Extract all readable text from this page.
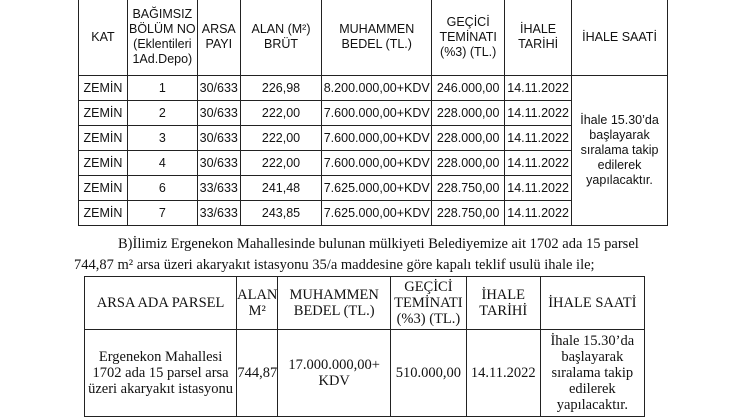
KAT	BAĞIMSIZ BÖLÜM NO (Eklentileri 1Ad.Depo)	ARSA PAYI	ALAN (M²) BRÜT	MUHAMMEN BEDEL (TL.)	GEÇİCİ TEMİNATI (%3) (TL.)	İHALE TARİHİ	İHALE SAATİ
ZEMİN	1	30/633	226,98	8.200.000,00+KDV	246.000,00	14.11.2022	İhale 15.30’da başlayarak sıralama takip edilerek yapılacaktır.
ZEMİN	2	30/633	222,00	7.600.000,00+KDV	228.000,00	14.11.2022	
ZEMİN	3	30/633	222,00	7.600.000,00+KDV	228.000,00	14.11.2022	
ZEMİN	4	30/633	222,00	7.600.000,00+KDV	228.000,00	14.11.2022	
ZEMİN	6	33/633	241,48	7.625.000,00+KDV	228.750,00	14.11.2022	
ZEMİN	7	33/633	243,85	7.625.000,00+KDV	228.750,00	14.11.2022	
B)İlimiz Ergenekon Mahallesinde bulunan mülkiyeti Belediyemize ait 1702 ada 15 parsel
744,87 m² arsa üzeri akaryakıt istasyonu 35/a maddesine göre kapalı teklif usulü ihale ile;
ARSA ADA PARSEL	ALAN M²	MUHAMMEN BEDEL (TL.)	GEÇİCİ TEMİNATI (%3) (TL.)	İHALE TARİHİ	İHALE SAATİ
Ergenekon Mahallesi 1702 ada 15 parsel arsa üzeri akaryakıt istasyonu	744,87	17.000.000,00+ KDV	510.000,00	14.11.2022	İhale 15.30’da başlayarak sıralama takip edilerek yapılacaktır.
